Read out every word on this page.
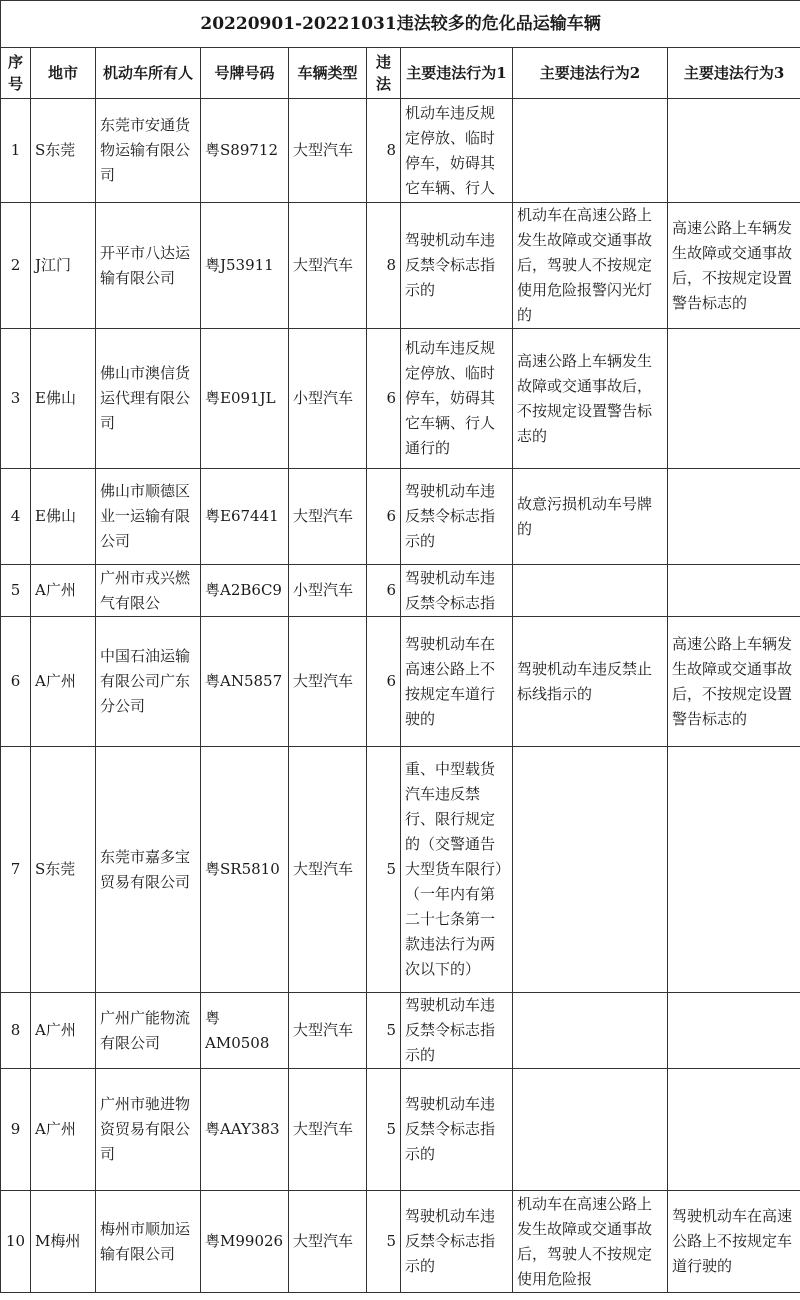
20220901-20221031违法较多的危化品运输车辆								
序号	地市	机动车所有人	号牌号码	车辆类型	违法	主要违法行为1	主要违法行为2	主要违法行为3
1	S东莞	东莞市安通货物运输有限公司	粤S89712	大型汽车	8	机动车违反规定停放、临时停车，妨碍其它车辆、行人		
2	J江门	开平市八达运输有限公司	粤J53911	大型汽车	8	驾驶机动车违反禁令标志指示的	机动车在高速公路上发生故障或交通事故后，驾驶人不按规定使用危险报警闪光灯的	高速公路上车辆发生故障或交通事故后，不按规定设置警告标志的
3	E佛山	佛山市澳信货运代理有限公司	粤E091JL	小型汽车	6	机动车违反规定停放、临时停车，妨碍其它车辆、行人通行的	高速公路上车辆发生故障或交通事故后，不按规定设置警告标志的	
4	E佛山	佛山市顺德区业一运输有限公司	粤E67441	大型汽车	6	驾驶机动车违反禁令标志指示的	故意污损机动车号牌的	
5	A广州	广州市戎兴燃气有限公	粤A2B6C9	小型汽车	6	驾驶机动车违反禁令标志指		
6	A广州	中国石油运输有限公司广东分公司	粤AN5857	大型汽车	6	驾驶机动车在高速公路上不按规定车道行驶的	驾驶机动车违反禁止标线指示的	高速公路上车辆发生故障或交通事故后，不按规定设置警告标志的
7	S东莞	东莞市嘉多宝贸易有限公司	粤SR5810	大型汽车	5	重、中型载货汽车违反禁行、限行规定的（交警通告大型货车限行）（一年内有第二十七条第一款违法行为两次以下的）		
8	A广州	广州广能物流有限公司	粤AM0508	大型汽车	5	驾驶机动车违反禁令标志指示的		
9	A广州	广州市驰进物资贸易有限公司	粤AAY383	大型汽车	5	驾驶机动车违反禁令标志指示的		
10	M梅州	梅州市顺加运输有限公司	粤M99026	大型汽车	5	驾驶机动车违反禁令标志指示的	机动车在高速公路上发生故障或交通事故后，驾驶人不按规定使用危险报	驾驶机动车在高速公路上不按规定车道行驶的
